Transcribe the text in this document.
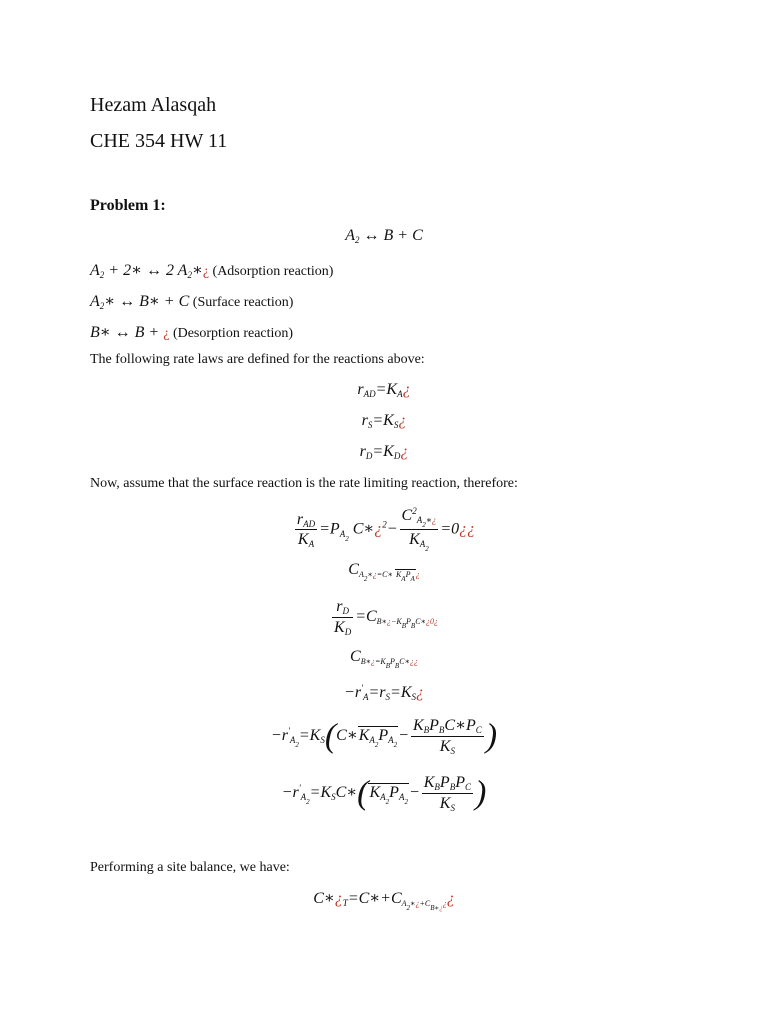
Hezam Alasqah
CHE 354 HW 11
Problem 1:
$A_2$ ↔ B + C
$A_2$ + 2∗ ↔ 2 $A_2∗¿$ (Adsorption reaction)
$A_2∗$ ↔ B∗ + C (Surface reaction)
B∗ ↔ B + ¿ (Desorption reaction)
The following rate laws are defined for the reactions above:
$r_{AD}=K_A¿$
$r_S=K_S¿$
$r_D=K_D¿$
Now, assume that the surface reaction is the rate limiting reaction, therefore:
$\frac{r_{AD}}{K_A} =P_{A_2}$ C∗¿$^2$− $\frac{C^2_{A_2∗¿}}{K_{A_2}}$ =0¿¿
$C_{A2∗¿=C∗ KAPA¿}$
$\frac{r_D}{K_D} =C_{B∗¿-KBPBC∗¿0¿}$
$C_{B∗¿=KBPBC∗¿¿}$
$-r'_A=r_S=K_S¿$
$-r'_{A_2}=K_S(C∗K_{A_2}P_{A_2}- \frac{K_BP_BC∗P_C}{K_S}$ )
$-r'_{A_2}=K_SC∗(K_{A_2}P_{A_2}- \frac{K_BP_BP_C}{K_S}$ )
Performing a site balance, we have:
$C∗¿_T=C∗+C_{A2∗¿+CB∗¿¿}¿$
